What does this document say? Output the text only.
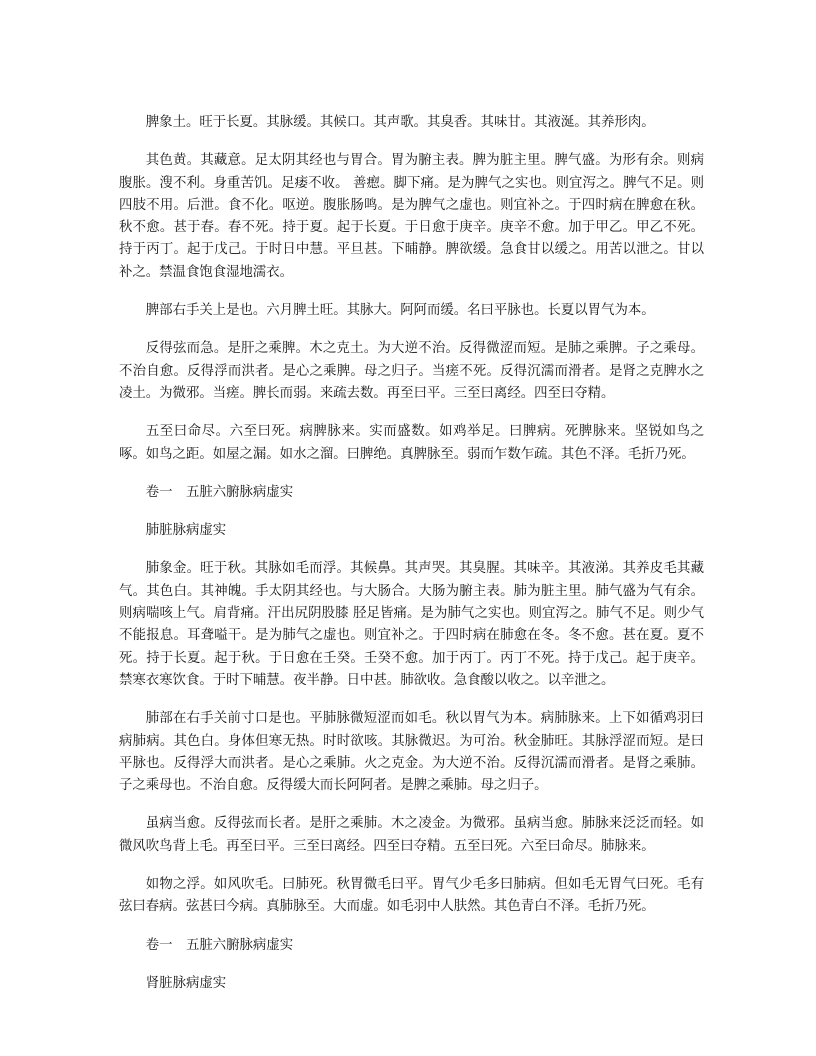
脾象土。旺于长夏。其脉缓。其候口。其声歌。其臭香。其味甘。其液涎。其养形肉。

其色黄。其藏意。足太阴其经也与胃合。胃为腑主表。脾为脏主里。脾气盛。为形有余。则病腹胀。溲不利。身重苦饥。足痿不收。 善瘛。脚下痛。是为脾气之实也。则宜泻之。脾气不足。则四肢不用。后泄。食不化。呕逆。腹胀肠鸣。是为脾气之虚也。则宜补之。于四时病在脾愈在秋。秋不愈。甚于春。春不死。持于夏。起于长夏。于日愈于庚辛。庚辛不愈。加于甲乙。甲乙不死。持于丙丁。起于戊己。于时日中慧。平旦甚。下晡静。脾欲缓。急食甘以缓之。用苦以泄之。甘以补之。禁温食饱食湿地濡衣。

脾部右手关上是也。六月脾土旺。其脉大。阿阿而缓。名曰平脉也。长夏以胃气为本。

反得弦而急。是肝之乘脾。木之克土。为大逆不治。反得微涩而短。是肺之乘脾。子之乘母。不治自愈。反得浮而洪者。是心之乘脾。母之归子。当瘥不死。反得沉濡而滑者。是肾之克脾水之凌土。为微邪。当瘥。脾长而弱。来疏去数。再至曰平。三至曰离经。四至曰夺精。

五至曰命尽。六至曰死。病脾脉来。实而盛数。如鸡举足。曰脾病。死脾脉来。坚锐如鸟之啄。如鸟之距。如屋之漏。如水之溜。曰脾绝。真脾脉至。弱而乍数乍疏。其色不泽。毛折乃死。

卷一　五脏六腑脉病虚实

肺脏脉病虚实

肺象金。旺于秋。其脉如毛而浮。其候鼻。其声哭。其臭腥。其味辛。其液涕。其养皮毛其藏气。其色白。其神魄。手太阴其经也。与大肠合。大肠为腑主表。肺为脏主里。肺气盛为气有余。则病喘咳上气。肩背痛。汗出尻阴股膝 胫足皆痛。是为肺气之实也。则宜泻之。肺气不足。则少气不能报息。耳聋嗌干。是为肺气之虚也。则宜补之。于四时病在肺愈在冬。冬不愈。甚在夏。夏不死。持于长夏。起于秋。于日愈在壬癸。壬癸不愈。加于丙丁。丙丁不死。持于戊己。起于庚辛。禁寒衣寒饮食。于时下晡慧。夜半静。日中甚。肺欲收。急食酸以收之。以辛泄之。

肺部在右手关前寸口是也。平肺脉微短涩而如毛。秋以胃气为本。病肺脉来。上下如循鸡羽曰病肺病。其色白。身体但寒无热。时时欲咳。其脉微迟。为可治。秋金肺旺。其脉浮涩而短。是曰平脉也。反得浮大而洪者。是心之乘肺。火之克金。为大逆不治。反得沉濡而滑者。是肾之乘肺。子之乘母也。不治自愈。反得缓大而长阿阿者。是脾之乘肺。母之归子。

虽病当愈。反得弦而长者。是肝之乘肺。木之凌金。为微邪。虽病当愈。肺脉来泛泛而轻。如微风吹鸟背上毛。再至曰平。三至曰离经。四至曰夺精。五至曰死。六至曰命尽。肺脉来。

如物之浮。如风吹毛。曰肺死。秋胃微毛曰平。胃气少毛多曰肺病。但如毛无胃气曰死。毛有弦曰春病。弦甚曰今病。真肺脉至。大而虚。如毛羽中人肤然。其色青白不泽。毛折乃死。

卷一　五脏六腑脉病虚实

肾脏脉病虚实
